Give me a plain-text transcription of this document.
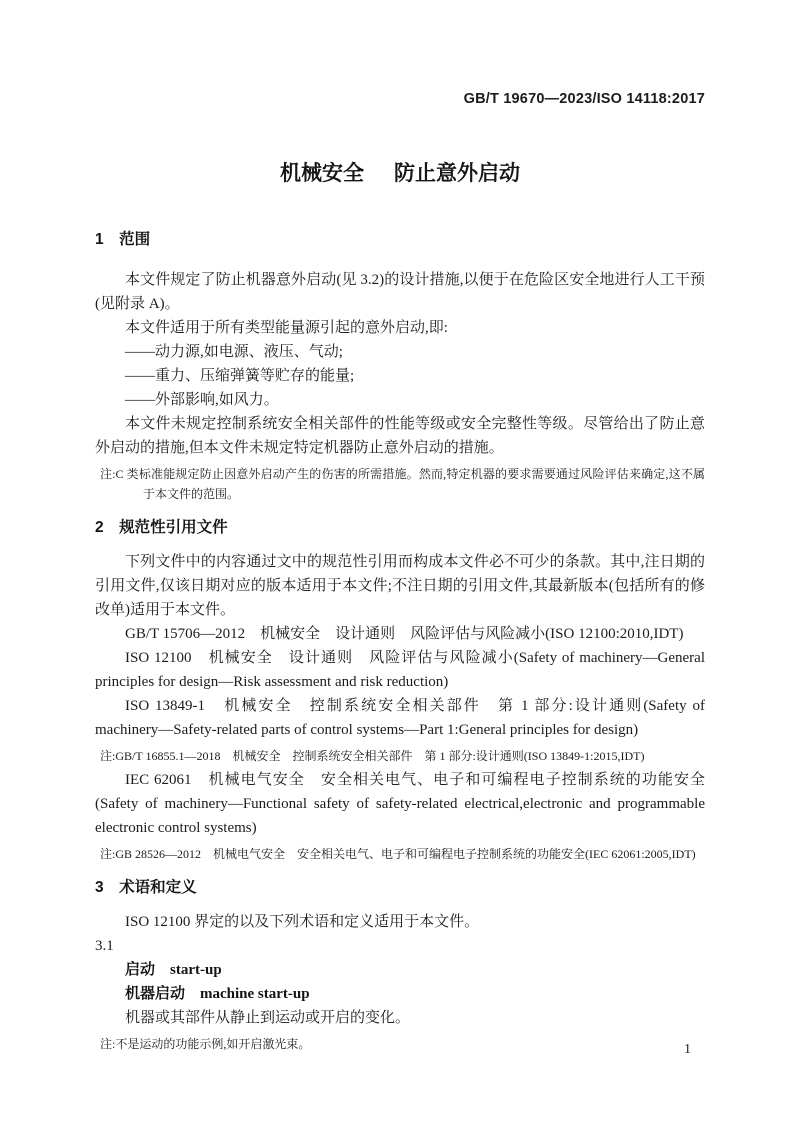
GB/T 19670—2023/ISO 14118:2017
机械安全 防止意外启动
1　范围

本文件规定了防止机器意外启动(见 3.2)的设计措施,以便于在危险区安全地进行人工干预(见附录 A)。

本文件适用于所有类型能量源引起的意外启动,即:

——动力源,如电源、液压、气动;

——重力、压缩弹簧等贮存的能量;

——外部影响,如风力。

本文件未规定控制系统安全相关部件的性能等级或安全完整性等级。尽管给出了防止意外启动的措施,但本文件未规定特定机器防止意外启动的措施。

注:C 类标准能规定防止因意外启动产生的伤害的所需措施。然而,特定机器的要求需要通过风险评估来确定,这不属于本文件的范围。

2　规范性引用文件

下列文件中的内容通过文中的规范性引用而构成本文件必不可少的条款。其中,注日期的引用文件,仅该日期对应的版本适用于本文件;不注日期的引用文件,其最新版本(包括所有的修改单)适用于本文件。

GB/T 15706—2012　机械安全　设计通则　风险评估与风险减小(ISO 12100:2010,IDT)

ISO 12100　机械安全　设计通则　风险评估与风险减小(Safety of machinery—General principles for design—Risk assessment and risk reduction)

ISO 13849-1　机械安全　控制系统安全相关部件　第 1 部分:设计通则(Safety of machinery—Safety-related parts of control systems—Part 1:General principles for design)

注:GB/T 16855.1—2018　机械安全　控制系统安全相关部件　第 1 部分:设计通则(ISO 13849-1:2015,IDT)

IEC 62061　机械电气安全　安全相关电气、电子和可编程电子控制系统的功能安全(Safety of machinery—Functional safety of safety-related electrical,electronic and programmable electronic control systems)

注:GB 28526—2012　机械电气安全　安全相关电气、电子和可编程电子控制系统的功能安全(IEC 62061:2005,IDT)

3　术语和定义

ISO 12100 界定的以及下列术语和定义适用于本文件。

3.1

启动　start-up

机器启动　machine start-up

机器或其部件从静止到运动或开启的变化。

注:不是运动的功能示例,如开启激光束。	1
